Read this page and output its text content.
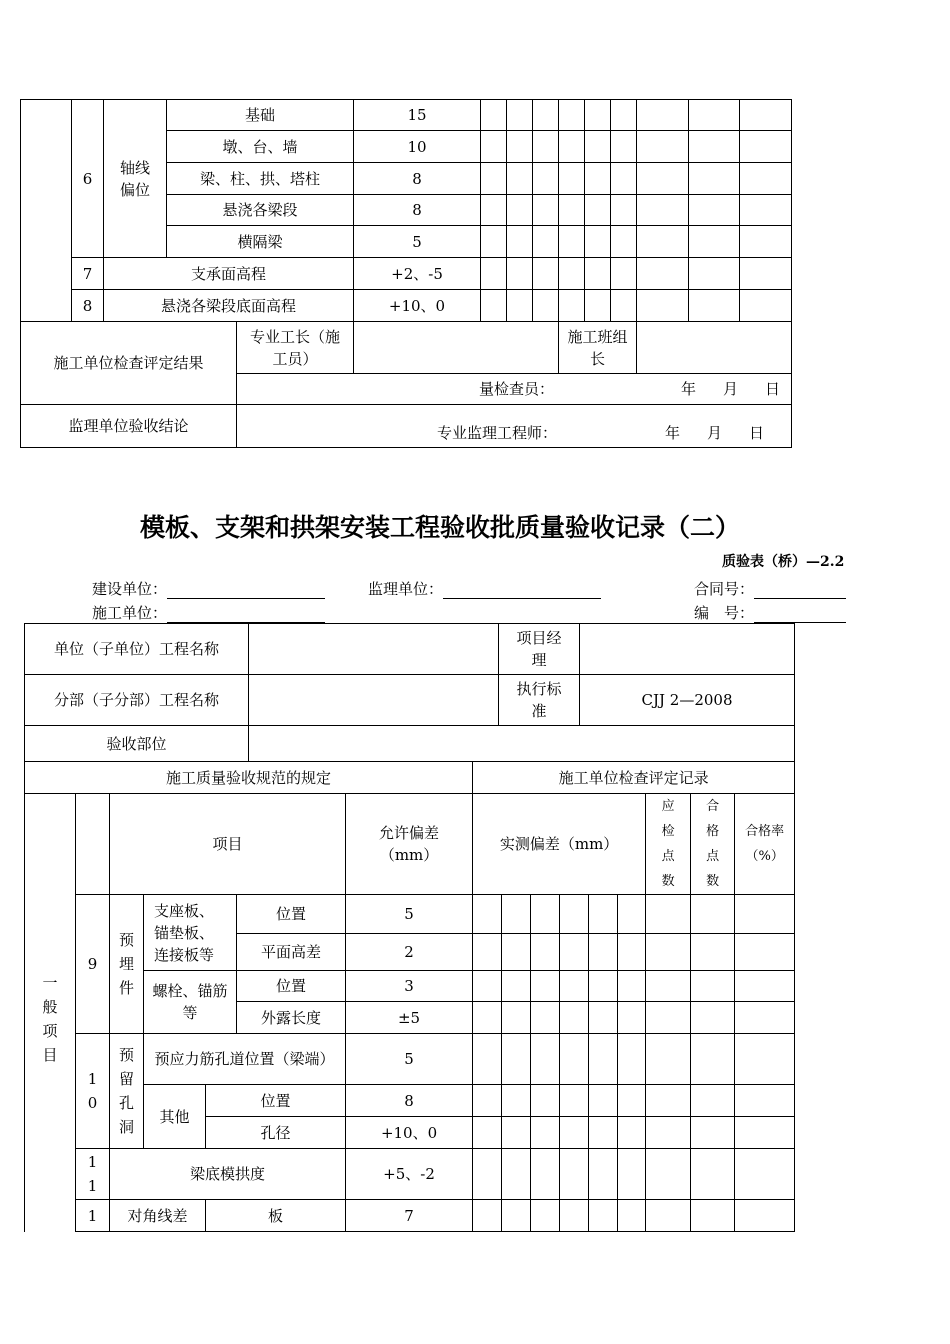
	6	轴线偏位	基础		15									
			墩、台、墙		10									
			梁、柱、拱、塔柱		8									
			悬浇各梁段		8									
			横隔梁		5									
	7	支承面高程			+2、-5									
	8	悬浇各梁段底面高程			+10、0									
施工单位检查评定结果				专业工长（施工员）					施工班组长					

				量检查员： 年 月 日										

监理单位验收结论				专业监理工程师： 年 月 日										
模板、支架和拱架安装工程验收批质量验收记录（二）
质验表（桥）—2.2
建设单位：	监理单位：	合同号：
施工单位：	编　号：
单位（子单位）工程名称		项目经理	

分部（子分部）工程名称		执行标准	CJJ 2—2008
验收部位			
施工质量验收规范的规定							施工单位检查评定记录								
		项目				允许偏差（mm）	实测偏差（mm）						应检点数	合格点数	合格率（%）

一般项目	9	预埋件	支座板、锚垫板、连接板等		位置	5									
					平面高差	2									

			螺栓、锚筋等		位置	3									
					外露长度	±5									

	10	预留孔洞	预应力筋孔道位置（梁端）			5									
			其他	位置		8									
				孔径		+10、0									

	11	梁底模拱度				+5、-2									
	1	对角线差		板		7									
